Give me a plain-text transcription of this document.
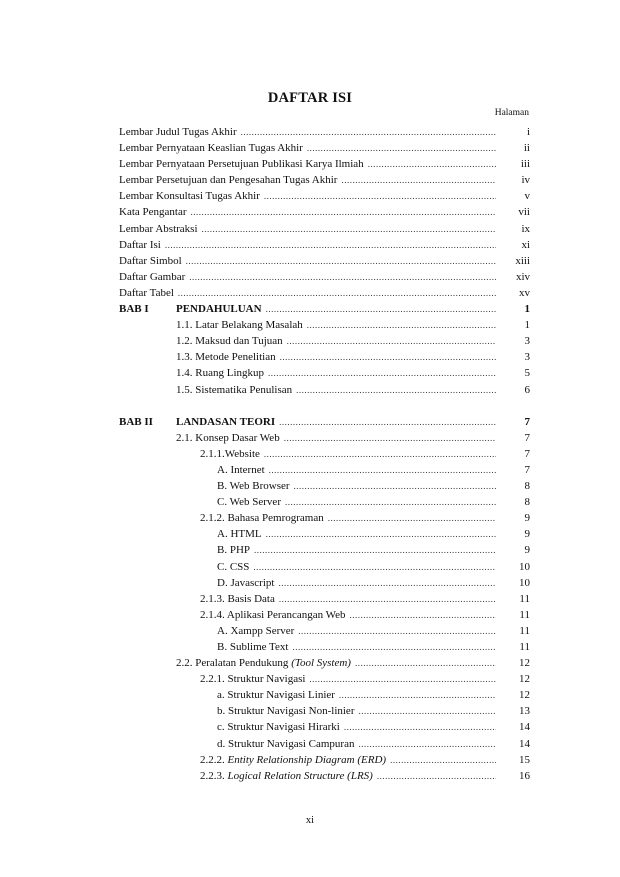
DAFTAR ISI
Halaman
Lembar Judul Tugas Akhir .....	i
Lembar Pernyataan Keaslian Tugas Akhir .....	ii
Lembar Pernyataan Persetujuan Publikasi Karya Ilmiah .....	iii
Lembar Persetujuan dan Pengesahan Tugas Akhir .....	iv
Lembar Konsultasi Tugas Akhir .....	v
Kata Pengantar .....	vii
Lembar Abstraksi .....	ix
Daftar Isi .....	xi
Daftar Simbol .....	xiii
Daftar Gambar .....	xiv
Daftar Tabel .....	xv
BAB I	PENDAHULUAN .....	1
1.1. Latar Belakang Masalah .....	1
1.2. Maksud dan Tujuan .....	3
1.3. Metode Penelitian .....	3
1.4. Ruang Lingkup .....	5
1.5. Sistematika Penulisan .....	6
BAB II	LANDASAN TEORI .....	7
2.1. Konsep Dasar Web .....	7
2.1.1.Website .....	7
A. Internet .....	7
B. Web Browser .....	8
C. Web Server .....	8
2.1.2. Bahasa Pemrograman .....	9
A. HTML .....	9
B. PHP .....	9
C. CSS .....	10
D. Javascript .....	10
2.1.3. Basis Data .....	11
2.1.4. Aplikasi Perancangan Web .....	11
A. Xampp Server .....	11
B. Sublime Text .....	11
2.2. Peralatan Pendukung (Tool System) .....	12
2.2.1. Struktur Navigasi .....	12
a. Struktur Navigasi Linier .....	12
b. Struktur Navigasi Non-linier .....	13
c. Struktur Navigasi Hirarki .....	14
d. Struktur Navigasi Campuran .....	14
2.2.2. Entity Relationship Diagram (ERD) .....	15
2.2.3. Logical Relation Structure (LRS) .....	16
xi
